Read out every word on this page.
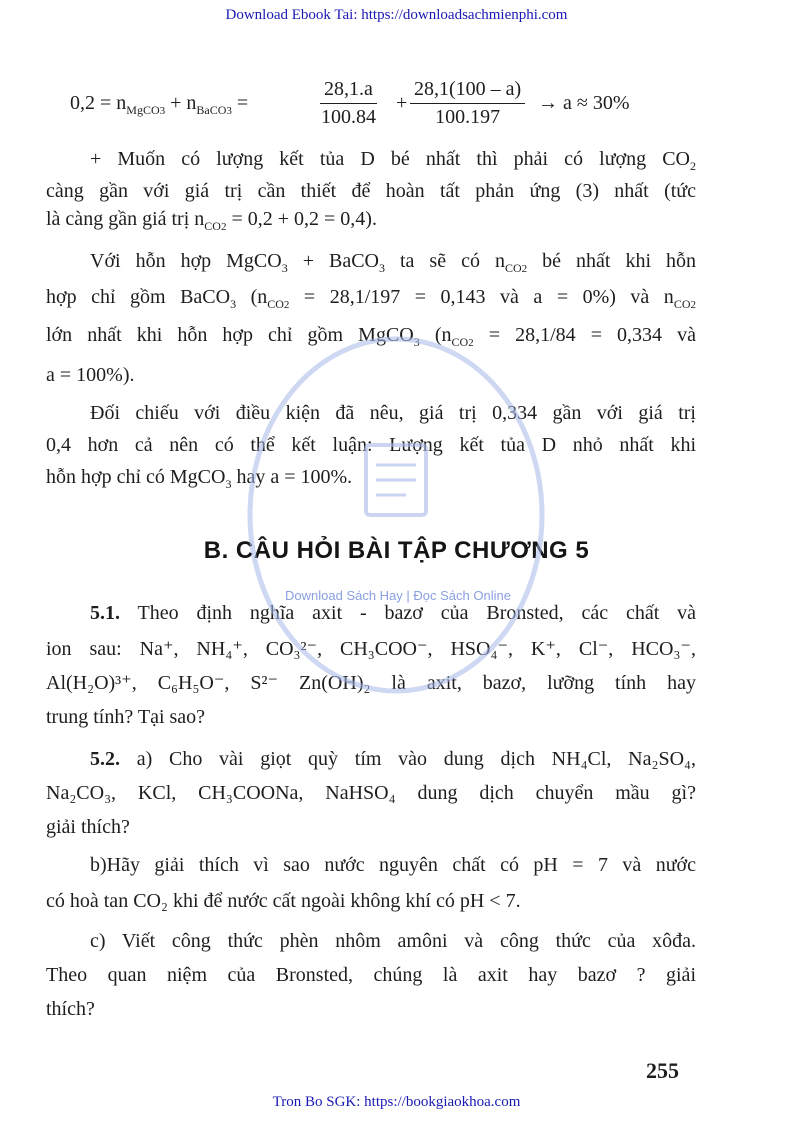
Download Ebook Tai: https://downloadsachmienphi.com
$0,2 = n_{MgCO3} + n_{BaCO3}$ =	$\frac{28,1.a}{100.84} + \frac{28,1(100 - a)}{100.197} \to a \approx 30\%$
+ Muốn có lượng kết tủa D bé nhất thì phải có lượng $CO_2$
càng gần với giá trị cần thiết để hoàn tất phản ứng (3) nhất (tức
là càng gần giá trị $n_{CO2} = 0,2 + 0,2 = 0,4$).
Với hỗn hợp MgCO$_3$ + BaCO$_3$ ta sẽ có $n_{CO2}$ bé nhất khi hỗn
hợp chỉ gồm BaCO$_3$ ($n_{CO2} = 28,1/197 = 0,143$ và a = 0%) và $n_{CO2}$
lớn nhất khi hỗn hợp chỉ gồm MgCO$_3$ ($n_{CO2} = 28,1/84 = 0,334$ và
a = 100%).
Đối chiếu với điều kiện đã nêu, giá trị 0,334 gần với giá trị
0,4 hơn cả nên có thể kết luận: Lượng kết tủa D nhỏ nhất khi
hỗn hợp chỉ có MgCO$_3$ hay a = 100%.
B. CÂU HỎI BÀI TẬP CHƯƠNG 5
5.1. Theo định nghĩa axit - bazơ của Bronsted, các chất và
ion sau: Na⁺, NH₄⁺, CO₃²⁻, CH₃COO⁻, HSO₄⁻, K⁺, Cl⁻, HCO₃⁻,
Al(H₂O)³⁺, C₆H₅O⁻, S²⁻ Zn(OH)₂ là axit, bazơ, lưỡng tính hay
trung tính? Tại sao?
5.2. a) Cho vài giọt quỳ tím vào dung dịch NH₄Cl, Na₂SO₄,
Na₂CO₃, KCl, CH₃COONa, NaHSO₄ dung dịch chuyển mầu gì?
giải thích?
b)Hãy giải thích vì sao nước nguyên chất có pH = 7 và nước
có hoà tan CO₂ khi để nước cất ngoài không khí có pH < 7.
c) Viết công thức phèn nhôm amôni và công thức của xôđa.
Theo quan niệm của Bronsted, chúng là axit hay bazơ ? giải
thích?
255
Download Sách Hay | Đọc Sách Online
Tron Bo SGK: https://bookgiaokhoa.com
